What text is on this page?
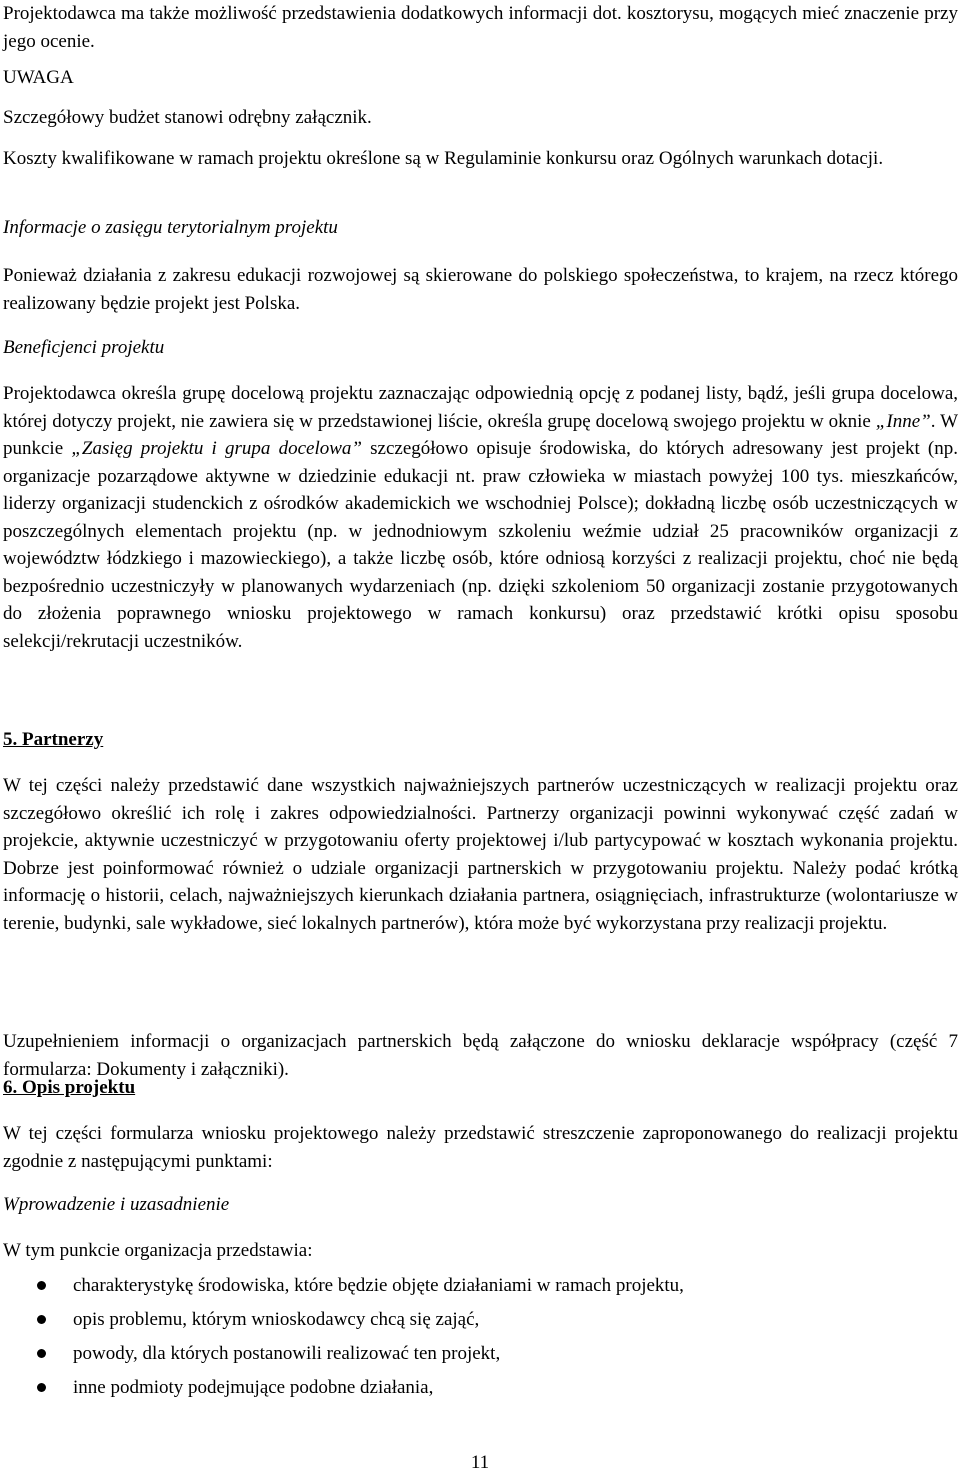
Projektodawca ma także możliwość przedstawienia dodatkowych informacji dot. kosztorysu, mogących mieć znaczenie przy jego ocenie.

UWAGA

Szczegółowy budżet stanowi odrębny załącznik.

Koszty kwalifikowane w ramach projektu określone są w Regulaminie konkursu oraz Ogólnych warunkach dotacji.

Informacje o zasięgu terytorialnym projektu

Ponieważ działania z zakresu edukacji rozwojowej są skierowane do polskiego społeczeństwa, to krajem, na rzecz którego realizowany będzie projekt jest Polska.

Beneficjenci projektu

Projektodawca określa grupę docelową projektu zaznaczając odpowiednią opcję z podanej listy, bądź, jeśli grupa docelowa, której dotyczy projekt, nie zawiera się w przedstawionej liście, określa grupę docelową swojego projektu w oknie „Inne”. W punkcie „Zasięg projektu i grupa docelowa” szczegółowo opisuje środowiska, do których adresowany jest projekt (np. organizacje pozarządowe aktywne w dziedzinie edukacji nt. praw człowieka w miastach powyżej 100 tys. mieszkańców, liderzy organizacji studenckich z ośrodków akademickich we wschodniej Polsce); dokładną liczbę osób uczestniczących w poszczególnych elementach projektu (np. w jednodniowym szkoleniu weźmie udział 25 pracowników organizacji z województw łódzkiego i mazowieckiego), a także liczbę osób, które odniosą korzyści z realizacji projektu, choć nie będą bezpośrednio uczestniczyły w planowanych wydarzeniach (np. dzięki szkoleniom 50 organizacji zostanie przygotowanych do złożenia poprawnego wniosku projektowego w ramach konkursu) oraz przedstawić krótki opisu sposobu selekcji/rekrutacji uczestników.

5. Partnerzy

W tej części należy przedstawić dane wszystkich najważniejszych partnerów uczestniczących w realizacji projektu oraz szczegółowo określić ich rolę i zakres odpowiedzialności. Partnerzy organizacji powinni wykonywać część zadań w projekcie, aktywnie uczestniczyć w przygotowaniu oferty projektowej i/lub partycypować w kosztach wykonania projektu. Dobrze jest poinformować również o udziale organizacji partnerskich w przygotowaniu projektu. Należy podać krótką informację o historii, celach, najważniejszych kierunkach działania partnera, osiągnięciach, infrastrukturze (wolontariusze w terenie, budynki, sale wykładowe, sieć lokalnych partnerów), która może być wykorzystana przy realizacji projektu.

Uzupełnieniem informacji o organizacjach partnerskich będą załączone do wniosku deklaracje współpracy (część 7 formularza: Dokumenty i załączniki).

6. Opis projektu

W tej części formularza wniosku projektowego należy przedstawić streszczenie zaproponowanego do realizacji projektu zgodnie z następującymi punktami:

Wprowadzenie i uzasadnienie

W tym punkcie organizacja przedstawia:

charakterystykę środowiska, które będzie objęte działaniami w ramach projektu,
opis problemu, którym wnioskodawcy chcą się zająć,
powody, dla których postanowili realizować ten projekt,
inne podmioty podejmujące podobne działania,
11
